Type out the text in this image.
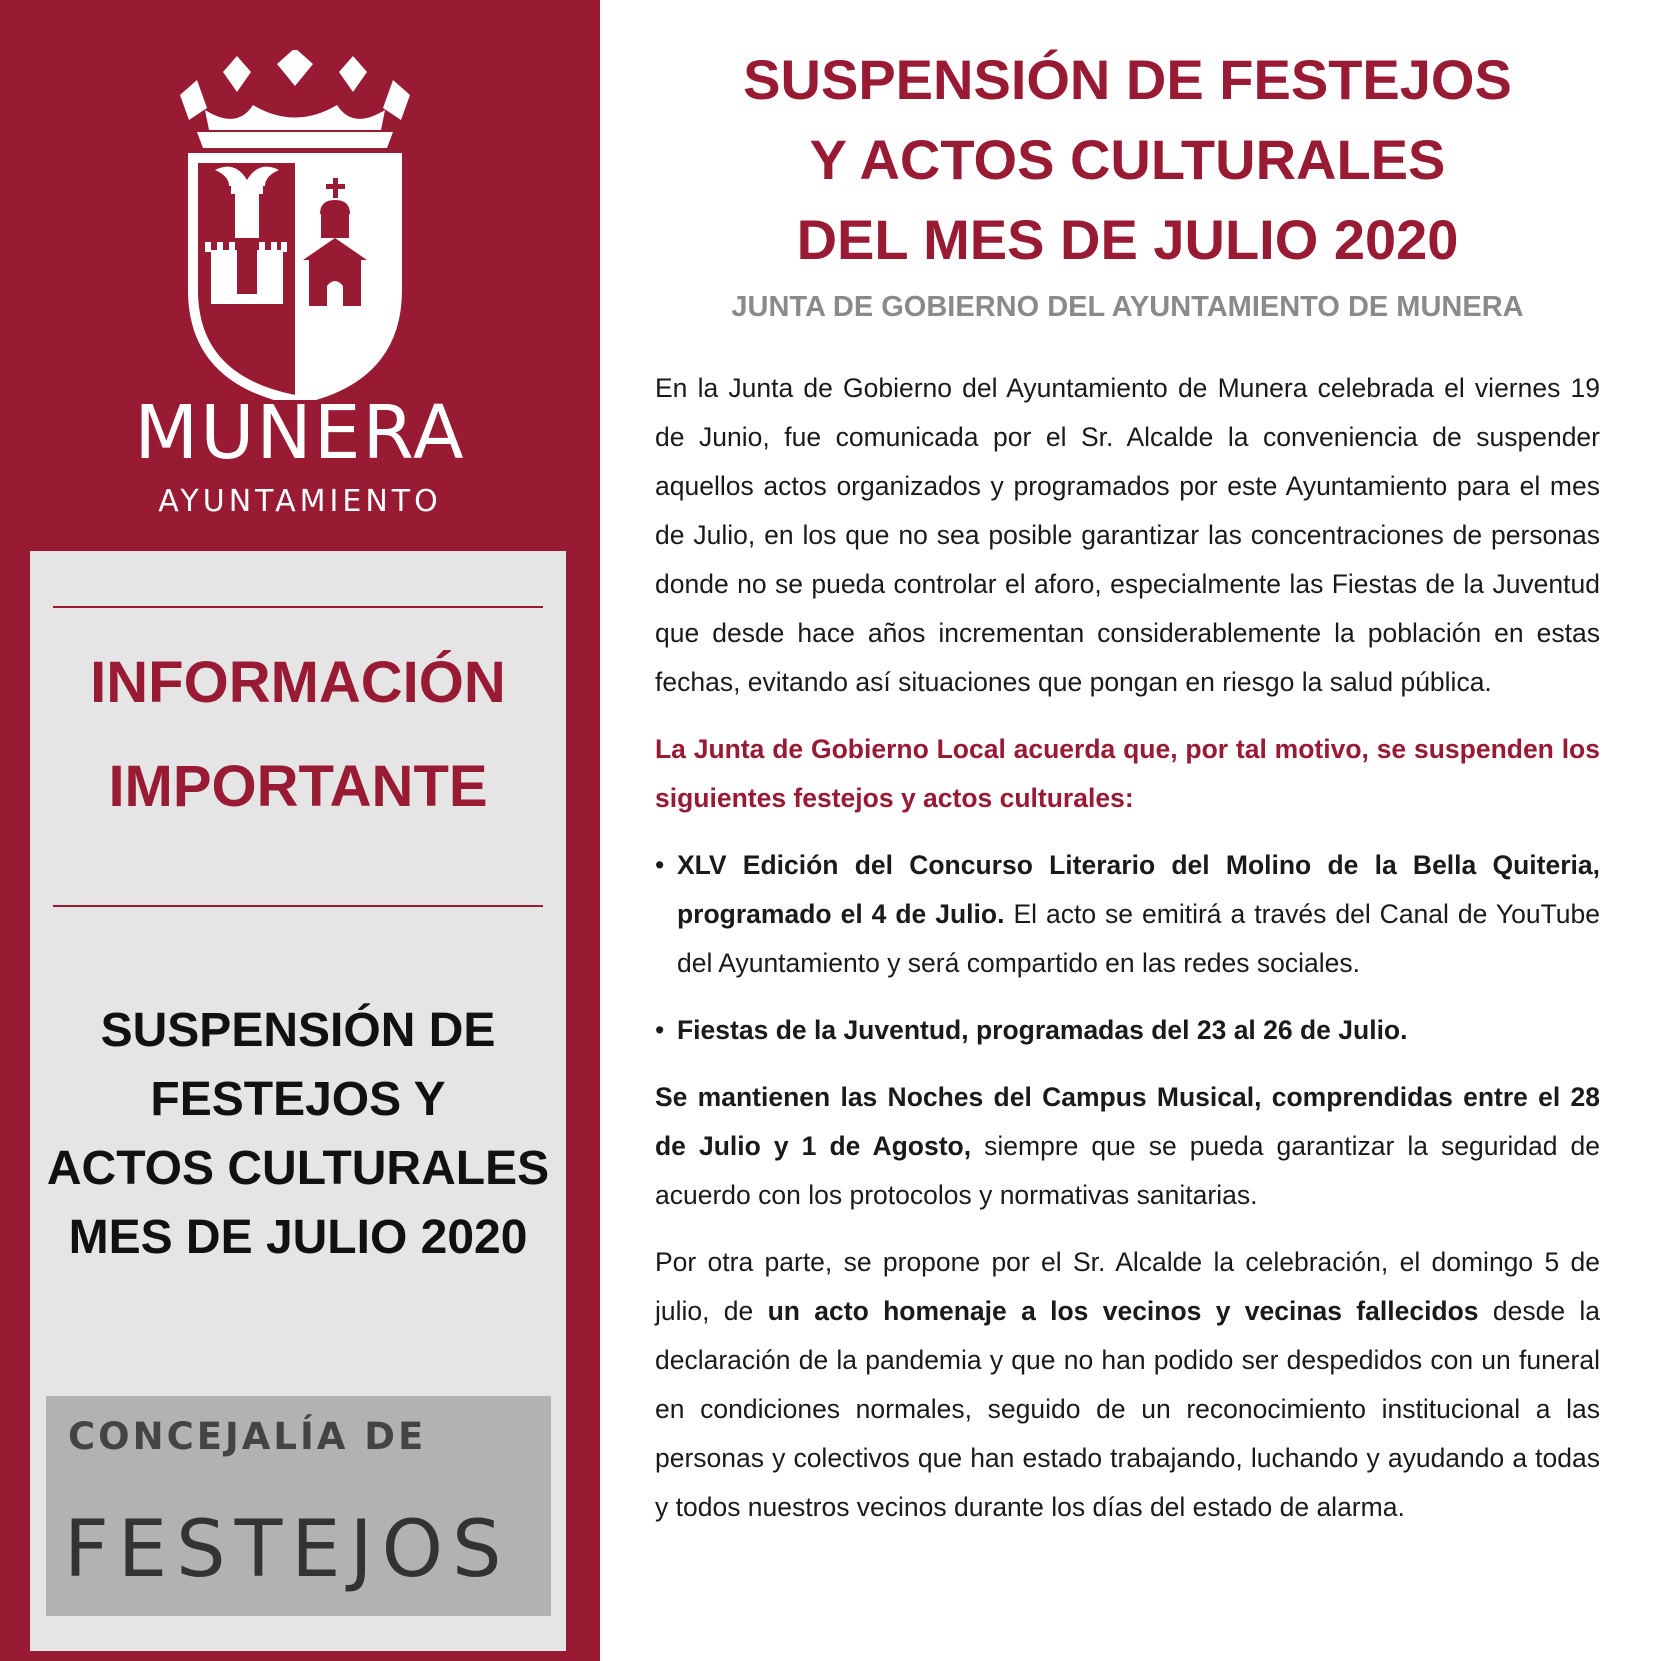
MUNERA
AYUNTAMIENTO
INFORMACIÓN
IMPORTANTE
SUSPENSIÓN DE
FESTEJOS Y
ACTOS CULTURALES
MES DE JULIO 2020
CONCEJALÍA DE
FESTEJOS
SUSPENSIÓN DE FESTEJOS
Y ACTOS CULTURALES
DEL MES DE JULIO 2020
JUNTA DE GOBIERNO DEL AYUNTAMIENTO DE MUNERA

En la Junta de Gobierno del Ayuntamiento de Munera celebrada el viernes 19 de Junio, fue comunicada por el Sr. Alcalde la conveniencia de suspender aquellos actos organizados y programados por este Ayuntamiento para el mes de Julio, en los que no sea posible garantizar las concentraciones de personas donde no se pueda controlar el aforo, especialmente las Fiestas de la Juventud que desde hace años incrementan considerablemente la población en estas fechas, evitando así situaciones que pongan en riesgo la salud pública.

La Junta de Gobierno Local acuerda que, por tal motivo, se suspenden los siguientes festejos y actos culturales:

• XLV Edición del Concurso Literario del Molino de la Bella Quiteria, programado el 4 de Julio. El acto se emitirá a través del Canal de YouTube del Ayuntamiento y será compartido en las redes sociales.
• Fiestas de la Juventud, programadas del 23 al 26 de Julio.

Se mantienen las Noches del Campus Musical, comprendidas entre el 28 de Julio y 1 de Agosto, siempre que se pueda garantizar la seguridad de acuerdo con los protocolos y normativas sanitarias.

Por otra parte, se propone por el Sr. Alcalde la celebración, el domingo 5 de julio, de un acto homenaje a los vecinos y vecinas fallecidos desde la declaración de la pandemia y que no han podido ser despedidos con un funeral en condiciones normales, seguido de un reconocimiento institucional a las personas y colectivos que han estado trabajando, luchando y ayudando a todas y todos nuestros vecinos durante los días del estado de alarma.
